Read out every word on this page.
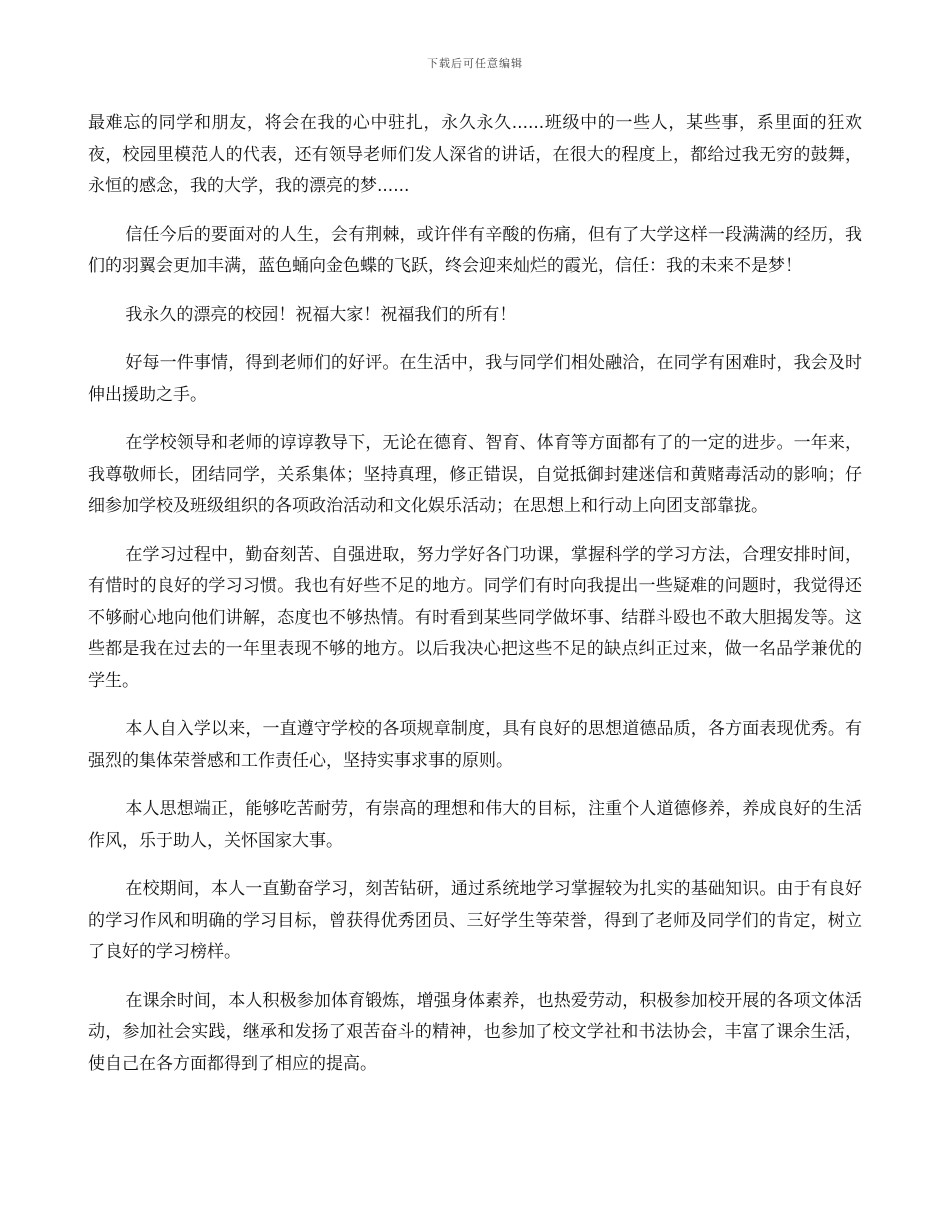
下载后可任意编辑

最难忘的同学和朋友，将会在我的心中驻扎，永久永久......班级中的一些人，某些事，系里面的狂欢夜，校园里模范人的代表，还有领导老师们发人深省的讲话，在很大的程度上，都给过我无穷的鼓舞，永恒的感念，我的大学，我的漂亮的梦......

信任今后的要面对的人生，会有荆棘，或许伴有辛酸的伤痛，但有了大学这样一段满满的经历，我们的羽翼会更加丰满，蓝色蛹向金色蝶的飞跃，终会迎来灿烂的霞光，信任：我的未来不是梦！

我永久的漂亮的校园！祝福大家！祝福我们的所有！

好每一件事情，得到老师们的好评。在生活中，我与同学们相处融洽，在同学有困难时，我会及时伸出援助之手。

在学校领导和老师的谆谆教导下，无论在德育、智育、体育等方面都有了的一定的进步。一年来，我尊敬师长，团结同学，关系集体；坚持真理，修正错误，自觉抵御封建迷信和黄赌毒活动的影响；仔细参加学校及班级组织的各项政治活动和文化娱乐活动；在思想上和行动上向团支部靠拢。

在学习过程中，勤奋刻苦、自强进取，努力学好各门功课，掌握科学的学习方法，合理安排时间，有惜时的良好的学习习惯。我也有好些不足的地方。同学们有时向我提出一些疑难的问题时，我觉得还不够耐心地向他们讲解，态度也不够热情。有时看到某些同学做坏事、结群斗殴也不敢大胆揭发等。这些都是我在过去的一年里表现不够的地方。以后我决心把这些不足的缺点纠正过来，做一名品学兼优的学生。

本人自入学以来，一直遵守学校的各项规章制度，具有良好的思想道德品质，各方面表现优秀。有强烈的集体荣誉感和工作责任心，坚持实事求事的原则。

本人思想端正，能够吃苦耐劳，有崇高的理想和伟大的目标，注重个人道德修养，养成良好的生活作风，乐于助人，关怀国家大事。

在校期间，本人一直勤奋学习，刻苦钻研，通过系统地学习掌握较为扎实的基础知识。由于有良好的学习作风和明确的学习目标，曾获得优秀团员、三好学生等荣誉，得到了老师及同学们的肯定，树立了良好的学习榜样。

在课余时间，本人积极参加体育锻炼，增强身体素养，也热爱劳动，积极参加校开展的各项文体活动，参加社会实践，继承和发扬了艰苦奋斗的精神，也参加了校文学社和书法协会，丰富了课余生活，使自己在各方面都得到了相应的提高。
